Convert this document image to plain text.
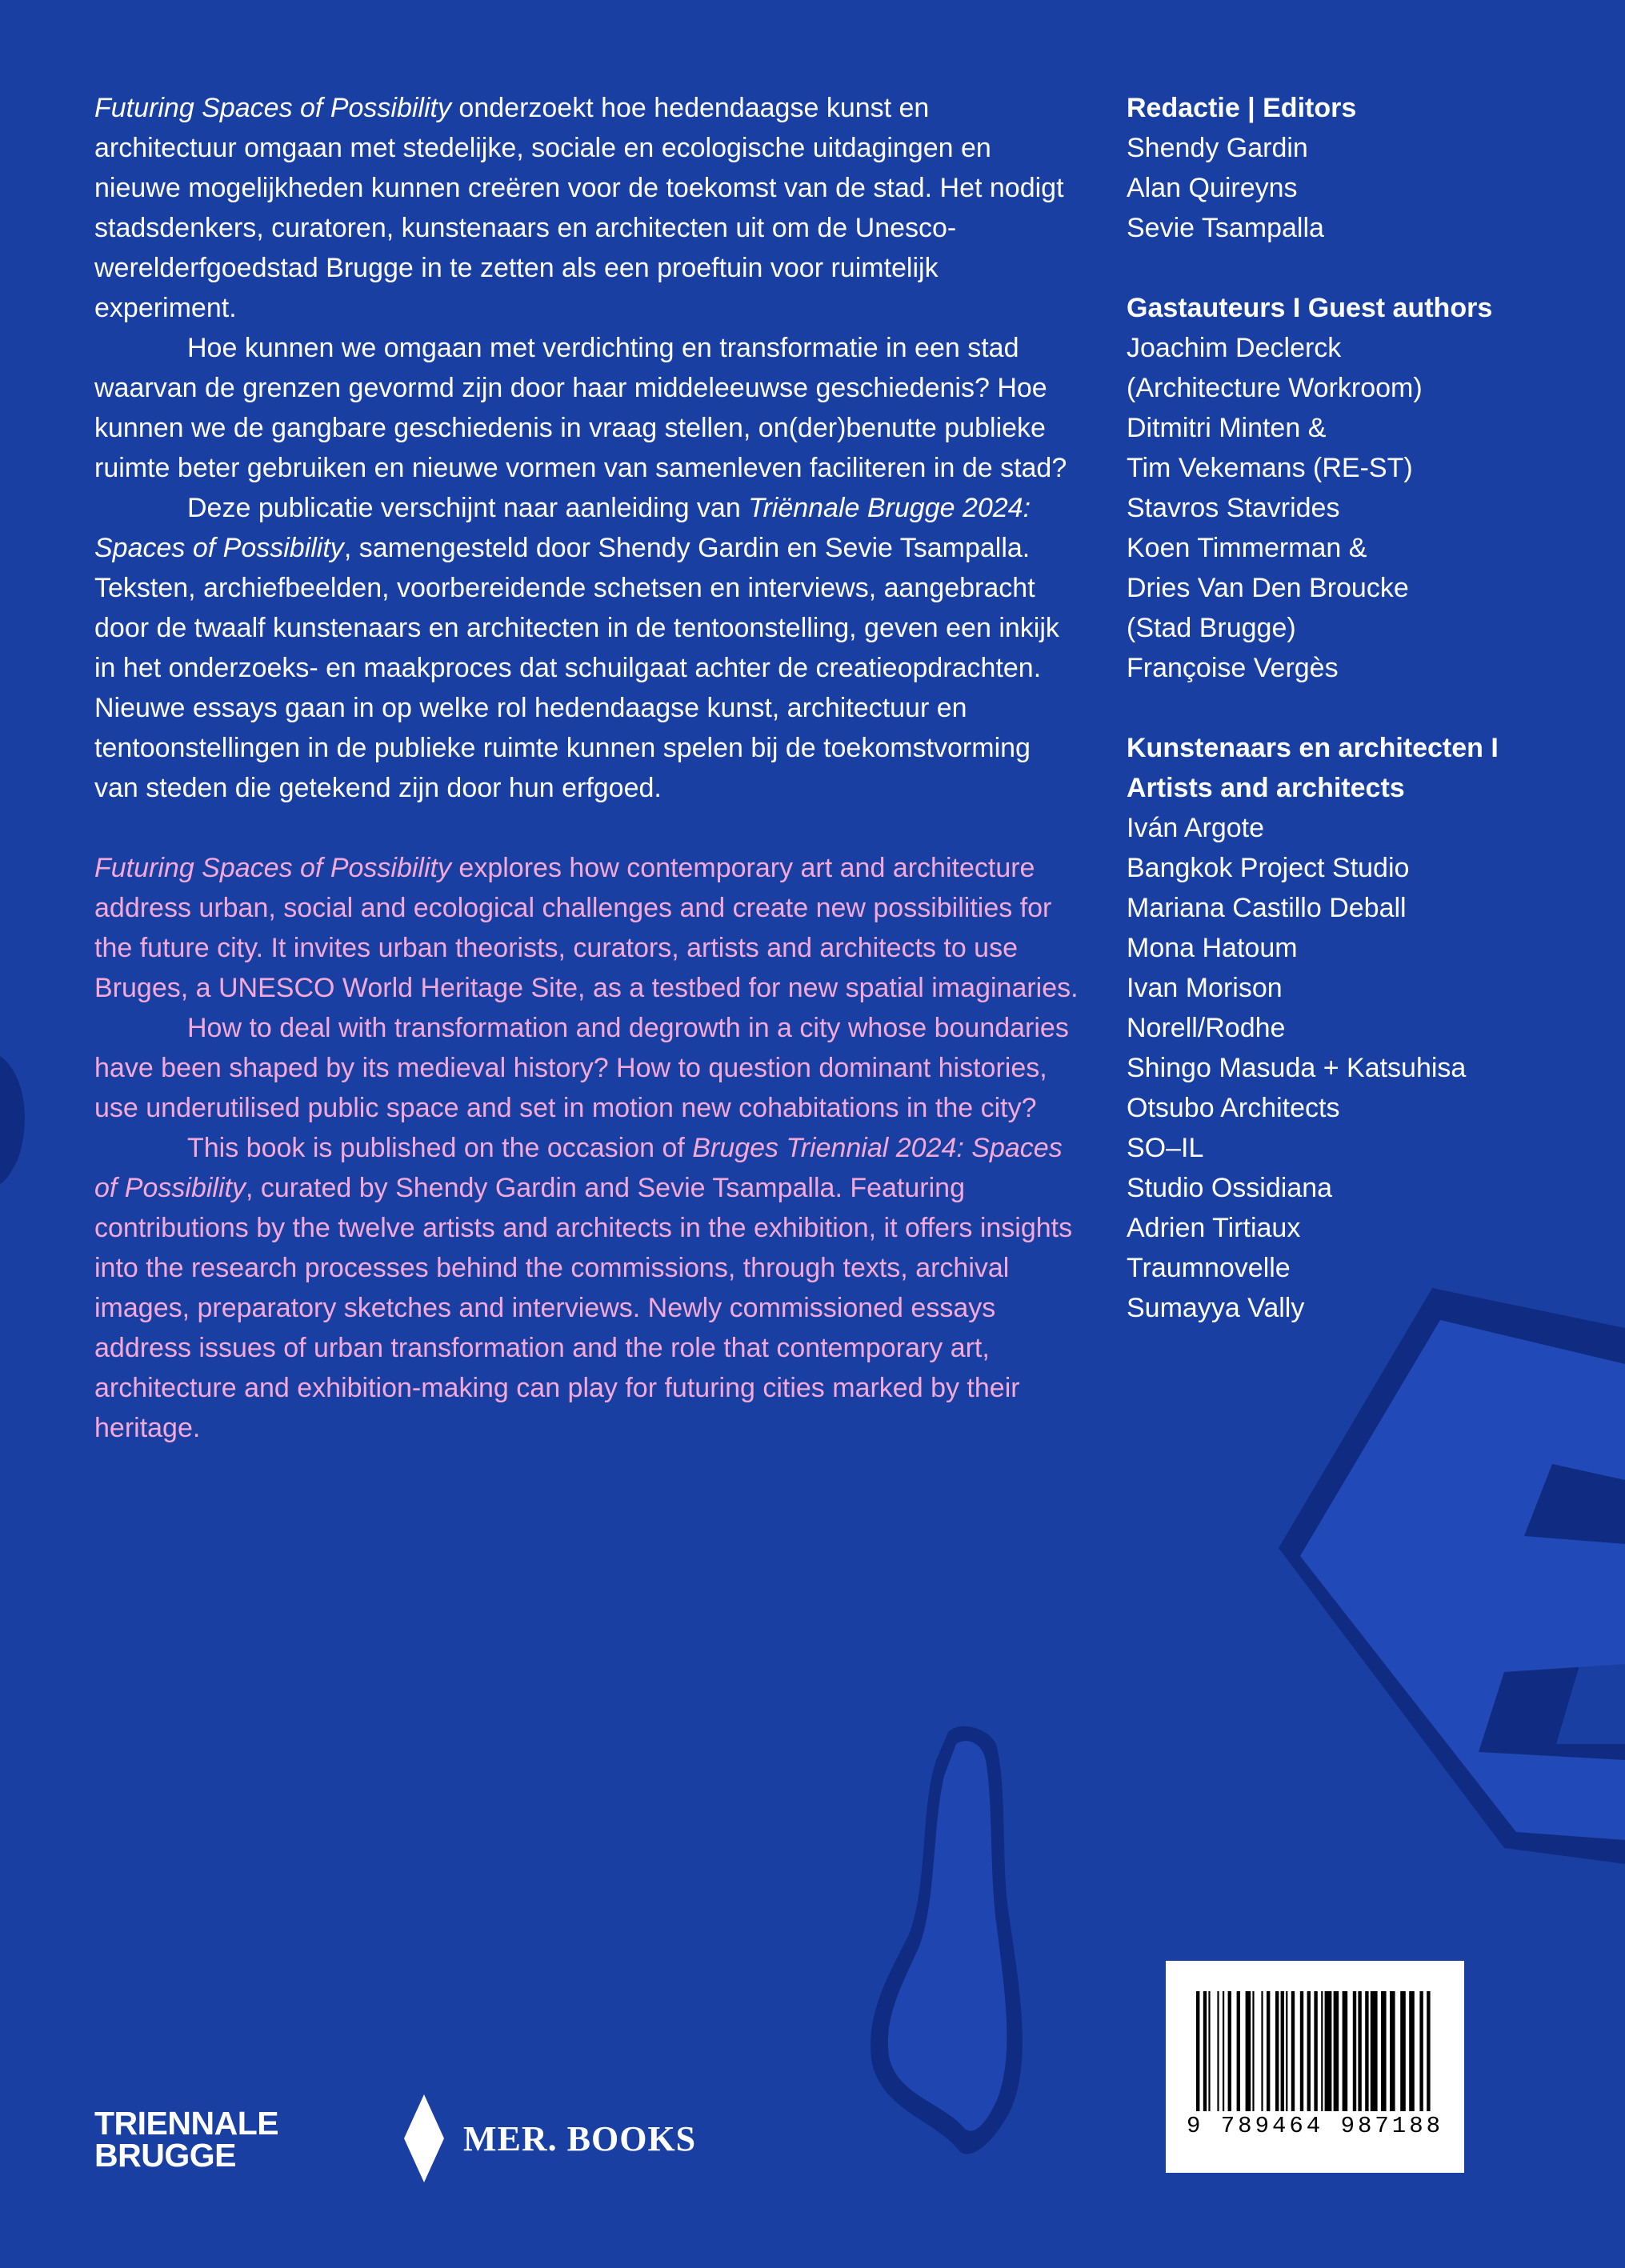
Futuring Spaces of Possibility onderzoekt hoe hedendaagse kunst en architectuur omgaan met stedelijke, sociale en ecologische uitdagingen en nieuwe mogelijkheden kunnen creëren voor de toekomst van de stad. Het nodigt stadsdenkers, curatoren, kunstenaars en architecten uit om de Unesco-werelderfgoedstad Brugge in te zetten als een proeftuin voor ruimtelijk experiment.

Hoe kunnen we omgaan met verdichting en transformatie in een stad waarvan de grenzen gevormd zijn door haar middeleeuwse geschiedenis? Hoe kunnen we de gangbare geschiedenis in vraag stellen, on(der)benutte publieke ruimte beter gebruiken en nieuwe vormen van samenleven faciliteren in de stad?

Deze publicatie verschijnt naar aanleiding van Triënnale Brugge 2024: Spaces of Possibility, samengesteld door Shendy Gardin en Sevie Tsampalla. Teksten, archiefbeelden, voorbereidende schetsen en interviews, aangebracht door de twaalf kunstenaars en architecten in de tentoonstelling, geven een inkijk in het onderzoeks- en maakproces dat schuilgaat achter de creatieopdrachten. Nieuwe essays gaan in op welke rol hedendaagse kunst, architectuur en tentoonstellingen in de publieke ruimte kunnen spelen bij de toekomstvorming van steden die getekend zijn door hun erfgoed.

Futuring Spaces of Possibility explores how contemporary art and architecture address urban, social and ecological challenges and create new possibilities for the future city. It invites urban theorists, curators, artists and architects to use Bruges, a UNESCO World Heritage Site, as a testbed for new spatial imaginaries.

How to deal with transformation and degrowth in a city whose boundaries have been shaped by its medieval history? How to question dominant histories, use underutilised public space and set in motion new cohabitations in the city?

This book is published on the occasion of Bruges Triennial 2024: Spaces of Possibility, curated by Shendy Gardin and Sevie Tsampalla. Featuring contributions by the twelve artists and architects in the exhibition, it offers insights into the research processes behind the commissions, through texts, archival images, preparatory sketches and interviews. Newly commissioned essays address issues of urban transformation and the role that contemporary art, architecture and exhibition-making can play for futuring cities marked by their heritage.

Redactie | Editors
Shendy Gardin
Alan Quireyns
Sevie Tsampalla
Gastauteurs I Guest authors
Joachim Declerck
(Architecture Workroom)
Ditmitri Minten &
Tim Vekemans (RE-ST)
Stavros Stavrides
Koen Timmerman &
Dries Van Den Broucke
(Stad Brugge)
Françoise Vergès
Kunstenaars en architecten I
Artists and architects
Iván Argote
Bangkok Project Studio
Mariana Castillo Deball
Mona Hatoum
Ivan Morison
Norell/Rodhe
Shingo Masuda + Katsuhisa
Otsubo Architects
SO–IL
Studio Ossidiana
Adrien Tirtiaux
Traumnovelle
Sumayya Vally
TRIENNALE
BRUGGE	MER. BOOKS	9 789464 987188
